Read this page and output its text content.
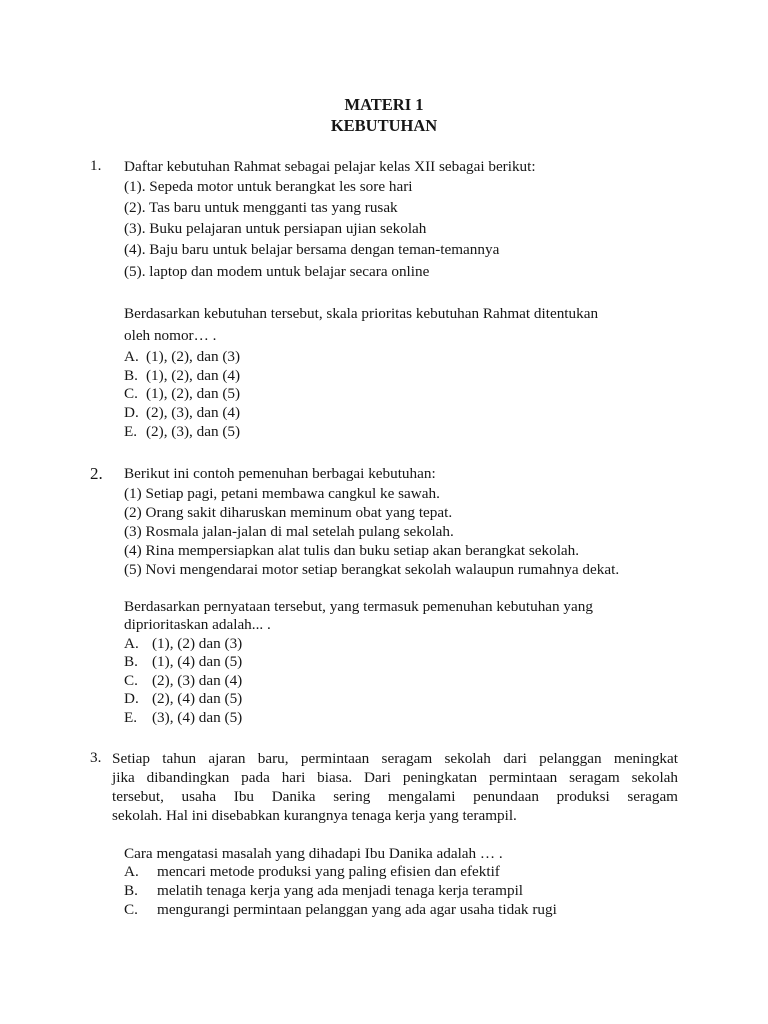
MATERI 1
KEBUTUHAN
1. Daftar kebutuhan Rahmat sebagai pelajar kelas XII sebagai berikut:
(1). Sepeda motor untuk berangkat les sore hari
(2). Tas baru untuk mengganti tas yang rusak
(3). Buku pelajaran untuk persiapan ujian sekolah
(4). Baju baru untuk belajar bersama dengan teman-temannya
(5). laptop dan modem untuk belajar secara online
Berdasarkan kebutuhan tersebut, skala prioritas kebutuhan Rahmat ditentukan
oleh nomor… .
A. (1), (2), dan (3)
B. (1), (2), dan (4)
C. (1), (2), dan (5)
D. (2), (3), dan (4)
E. (2), (3), dan (5)
2. Berikut ini contoh pemenuhan berbagai kebutuhan:
(1) Setiap pagi, petani membawa cangkul ke sawah.
(2) Orang sakit diharuskan meminum obat yang tepat.
(3) Rosmala jalan-jalan di mal setelah pulang sekolah.
(4) Rina mempersiapkan alat tulis dan buku setiap akan berangkat sekolah.
(5) Novi mengendarai motor setiap berangkat sekolah walaupun rumahnya dekat.
Berdasarkan pernyataan tersebut, yang termasuk pemenuhan kebutuhan yang
diprioritaskan adalah... .
A. (1), (2) dan (3)
B. (1), (4) dan (5)
C. (2), (3) dan (4)
D. (2), (4) dan (5)
E. (3), (4) dan (5)
3. Setiap tahun ajaran baru, permintaan seragam sekolah dari pelanggan meningkat
jika dibandingkan pada hari biasa. Dari peningkatan permintaan seragam sekolah
tersebut, usaha Ibu Danika sering mengalami penundaan produksi seragam
sekolah. Hal ini disebabkan kurangnya tenaga kerja yang terampil.
Cara mengatasi masalah yang dihadapi Ibu Danika adalah … .
A. mencari metode produksi yang paling efisien dan efektif
B. melatih tenaga kerja yang ada menjadi tenaga kerja terampil
C. mengurangi permintaan pelanggan yang ada agar usaha tidak rugi
